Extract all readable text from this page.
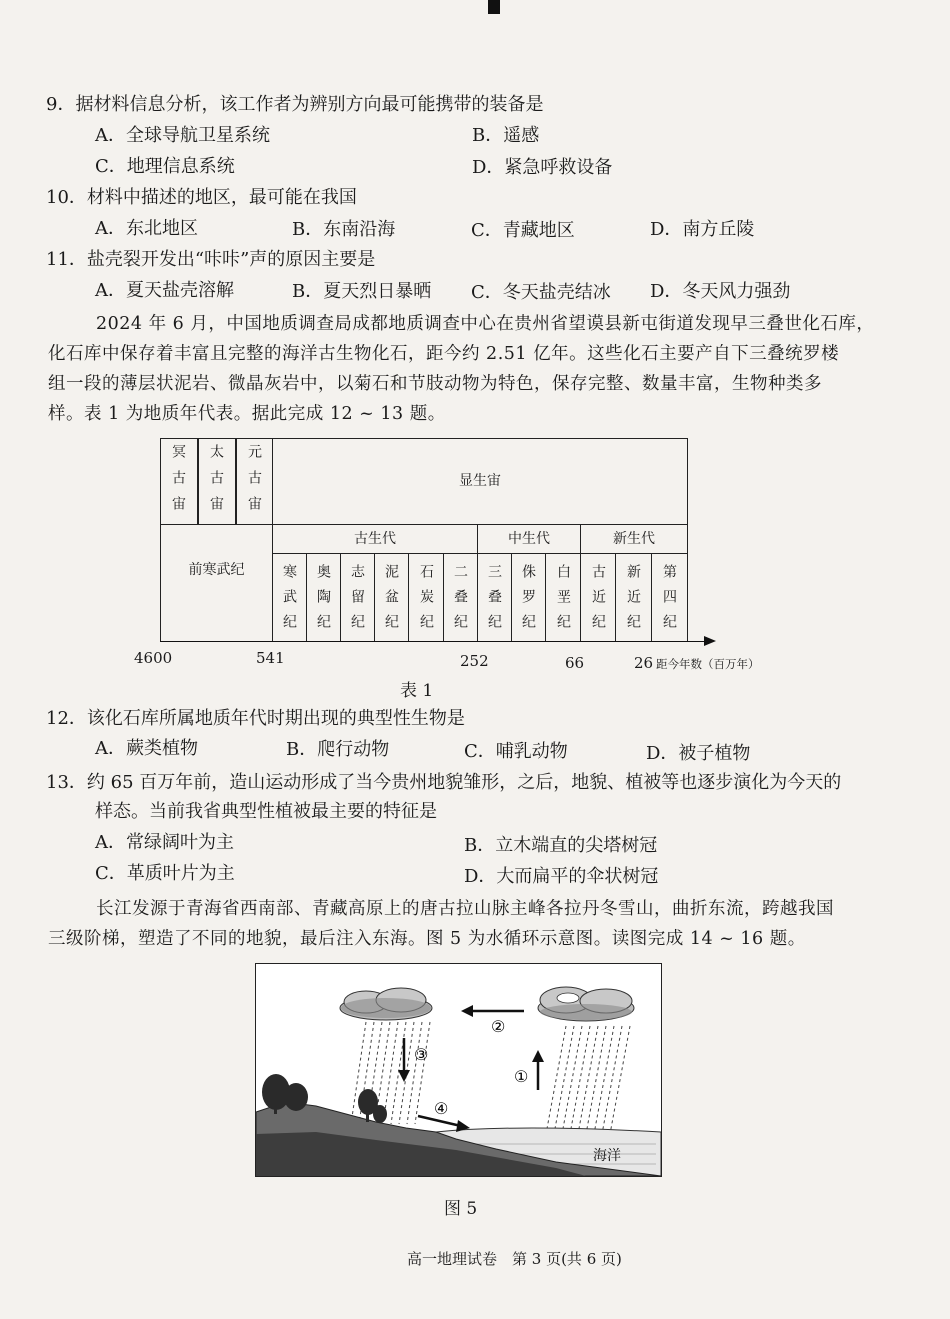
9．据材料信息分析，该工作者为辨别方向最可能携带的装备是
A．全球导航卫星系统	B．遥感
C．地理信息系统	D．紧急呼救设备
10．材料中描述的地区，最可能在我国
A．东北地区	B．东南沿海	C．青藏地区	D．南方丘陵
11．盐壳裂开发出“咔咔”声的原因主要是
A．夏天盐壳溶解	B．夏天烈日暴晒 C．冬天盐壳结冰 D．冬天风力强劲
2024 年 6 月，中国地质调查局成都地质调查中心在贵州省望谟县新屯街道发现早三叠世化石库，
化石库中保存着丰富且完整的海洋古生物化石，距今约 2.51 亿年。这些化石主要产自下三叠统罗楼
组一段的薄层状泥岩、微晶灰岩中，以菊石和节肢动物为特色，保存完整、数量丰富，生物种类多
样。表 1 为地质年代表。据此完成 12 ~ 13 题。
冥古宙	太古宙	元古宙	显生宙
前寒武纪
古生代	中生代	新生代
寒武纪	奥陶纪	志留纪	泥盆纪	石炭纪	二叠纪	三叠纪	侏罗纪	白垩纪	古近纪	新近纪	第四纪
4600	541	252	66	26 距今年数（百万年）
表 1
12．该化石库所属地质年代时期出现的典型性生物是
A．蕨类植物	B．爬行动物	C．哺乳动物	D．被子植物
13．约 65 百万年前，造山运动形成了当今贵州地貌雏形，之后，地貌、植被等也逐步演化为今天的
样态。当前我省典型性植被最主要的特征是
A．常绿阔叶为主	B．立木端直的尖塔树冠
C．革质叶片为主	D．大而扁平的伞状树冠
长江发源于青海省西南部、青藏高原上的唐古拉山脉主峰各拉丹冬雪山，曲折东流，跨越我国
三级阶梯，塑造了不同的地貌，最后注入东海。图 5 为水循环示意图。读图完成 14 ~ 16 题。
②
③
①
④
海洋
图 5
高一地理试卷　第 3 页(共 6 页)
